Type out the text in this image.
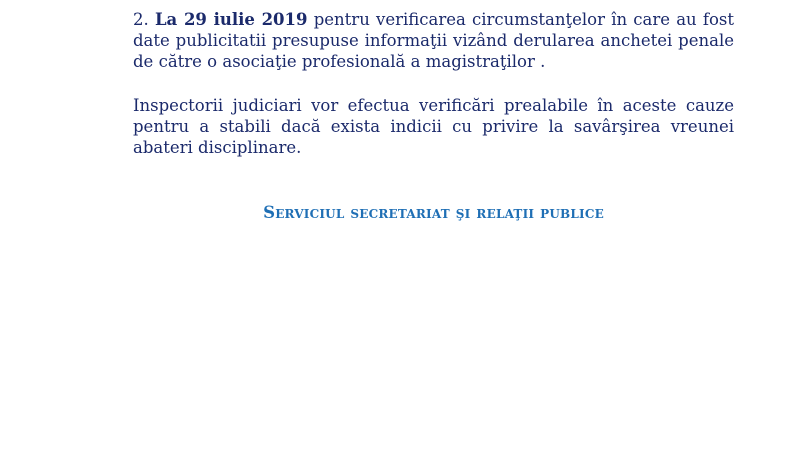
2. La 29 iulie 2019 pentru verificarea circumstanţelor în care au fost date publicitatii presupuse informaţii vizând derularea anchetei penale de către o asociaţie profesională a magistraţilor .

Inspectorii judiciari vor efectua verificări prealabile în aceste cauze pentru a stabili dacă exista indicii cu privire la savârşirea vreunei abateri disciplinare.

Serviciul secretariat şi relaţii publice
